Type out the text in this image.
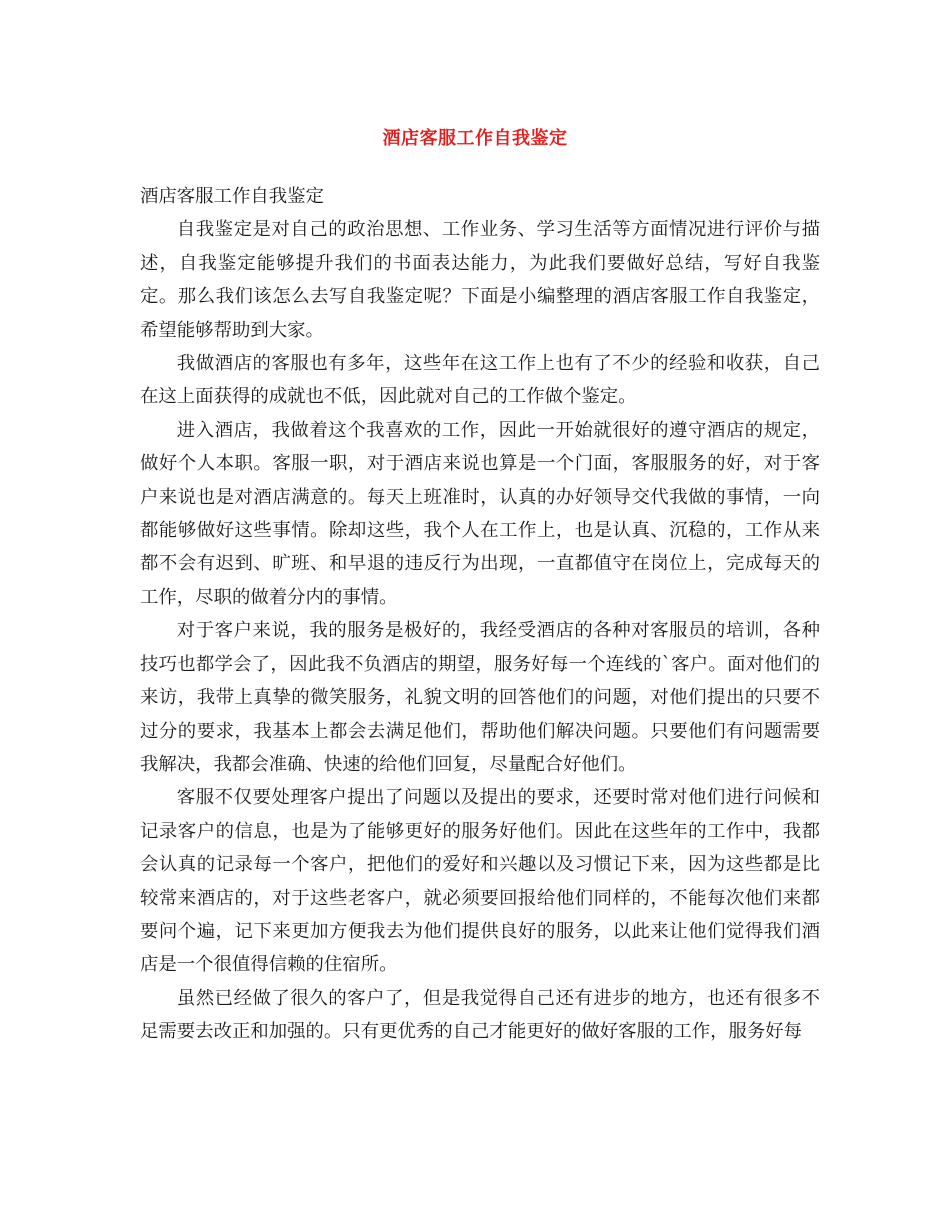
酒店客服工作自我鉴定

酒店客服工作自我鉴定

自我鉴定是对自己的政治思想、工作业务、学习生活等方面情况进行评价与描述，自我鉴定能够提升我们的书面表达能力，为此我们要做好总结，写好自我鉴定。那么我们该怎么去写自我鉴定呢？下面是小编整理的酒店客服工作自我鉴定，希望能够帮助到大家。

我做酒店的客服也有多年，这些年在这工作上也有了不少的经验和收获，自己在这上面获得的成就也不低，因此就对自己的工作做个鉴定。

进入酒店，我做着这个我喜欢的工作，因此一开始就很好的遵守酒店的规定，做好个人本职。客服一职，对于酒店来说也算是一个门面，客服服务的好，对于客户来说也是对酒店满意的。每天上班准时，认真的办好领导交代我做的事情，一向都能够做好这些事情。除却这些，我个人在工作上，也是认真、沉稳的，工作从来都不会有迟到、旷班、和早退的违反行为出现，一直都值守在岗位上，完成每天的工作，尽职的做着分内的事情。

对于客户来说，我的服务是极好的，我经受酒店的各种对客服员的培训，各种技巧也都学会了，因此我不负酒店的期望，服务好每一个连线的`客户。面对他们的来访，我带上真挚的微笑服务，礼貌文明的回答他们的问题，对他们提出的只要不过分的要求，我基本上都会去满足他们，帮助他们解决问题。只要他们有问题需要我解决，我都会准确、快速的给他们回复，尽量配合好他们。

客服不仅要处理客户提出了问题以及提出的要求，还要时常对他们进行问候和记录客户的信息，也是为了能够更好的服务好他们。因此在这些年的工作中，我都会认真的记录每一个客户，把他们的爱好和兴趣以及习惯记下来，因为这些都是比较常来酒店的，对于这些老客户，就必须要回报给他们同样的，不能每次他们来都要问个遍，记下来更加方便我去为他们提供良好的服务，以此来让他们觉得我们酒店是一个很值得信赖的住宿所。

虽然已经做了很久的客户了，但是我觉得自己还有进步的地方，也还有很多不足需要去改正和加强的。只有更优秀的自己才能更好的做好客服的工作，服务好每
